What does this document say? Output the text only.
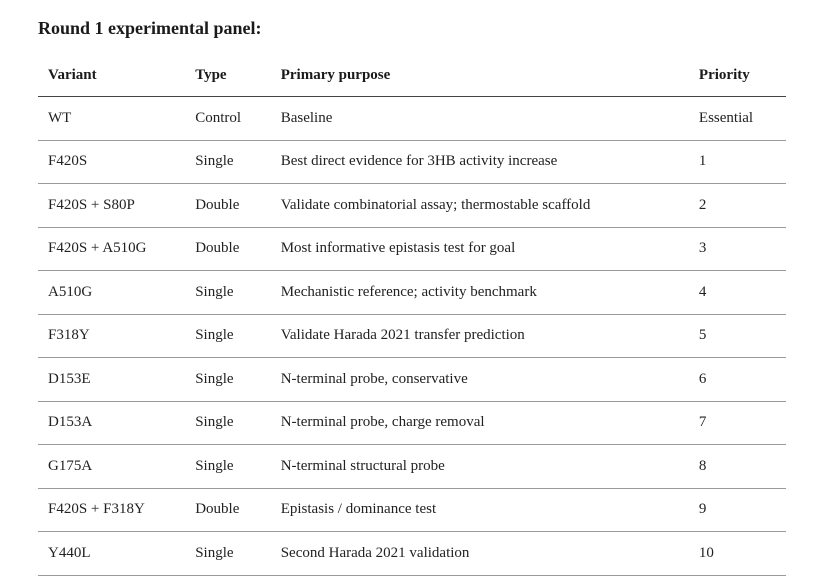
Round 1 experimental panel:
Variant	Type	Primary purpose	Priority
WT	Control	Baseline	Essential
F420S	Single	Best direct evidence for 3HB activity increase	1
F420S + S80P	Double	Validate combinatorial assay; thermostable scaffold	2
F420S + A510G	Double	Most informative epistasis test for goal	3
A510G	Single	Mechanistic reference; activity benchmark	4
F318Y	Single	Validate Harada 2021 transfer prediction	5
D153E	Single	N-terminal probe, conservative	6
D153A	Single	N-terminal probe, charge removal	7
G175A	Single	N-terminal structural probe	8
F420S + F318Y	Double	Epistasis / dominance test	9
Y440L	Single	Second Harada 2021 validation	10
